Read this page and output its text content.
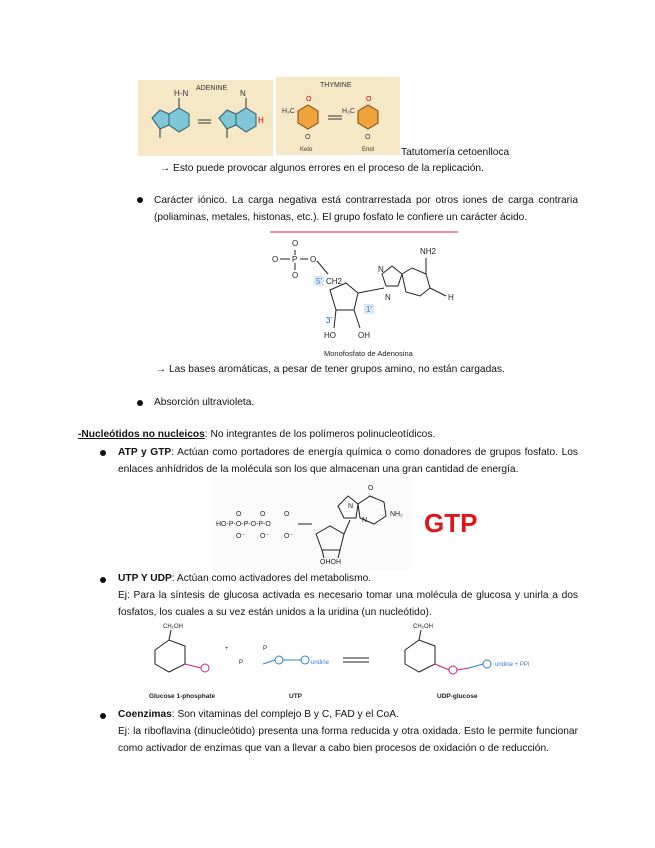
ADENINE
H-N	N
H
THYMINE
H₃C	H₃C
O	O
O	O
Keto	Enol	Tatutomería cetoenlloca
→ Esto puede provocar algunos errores en el proceso de la replicación.
Carácter iónico. La carga negativa está contrarrestada por otros iones de carga contraria (poliaminas, metales, histonas, etc.). El grupo fosfato le confiere un carácter ácido.
O P O
O
O
NH2
CH2
N
N	H
HO	OH
5'
3'
1'
Monofosfato de Adenosina
→ Las bases aromáticas, a pesar de tener grupos amino, no están cargadas.
Absorción ultravioleta.
-Nucleótidos no nucleicos: No integrantes de los polímeros polinucleotídicos.
ATP y GTP: Actúan como portadores de energía química o como donadores de grupos fosfato. Los enlaces anhídridos de la molécula son los que almacenan una gran cantidad de energía.
HO-P-O-P-O-P-O
O	O	O
O⁻ O⁻ O⁻
O
NH₂
N
N
OHOH
GTP
UTP Y UDP: Actúan como activadores del metabolismo.
Ej: Para la síntesis de glucosa activada es necesario tomar una molécula de glucosa y unirla a dos fosfatos, los cuales a su vez están unidos a la uridina (un nucleótido).
CH₂OH	CH₂OH
+
P
P
uridine	uridine + PPi
Glucose 1-phosphate	UTP	UDP-glucose
Coenzimas: Son vitaminas del complejo B y C, FAD y el CoA.
Ej: la riboflavina (dinucleótido) presenta una forma reducida y otra oxidada. Esto le permite funcionar como activador de enzimas que van a llevar a cabo bien procesos de oxidación o de reducción.
